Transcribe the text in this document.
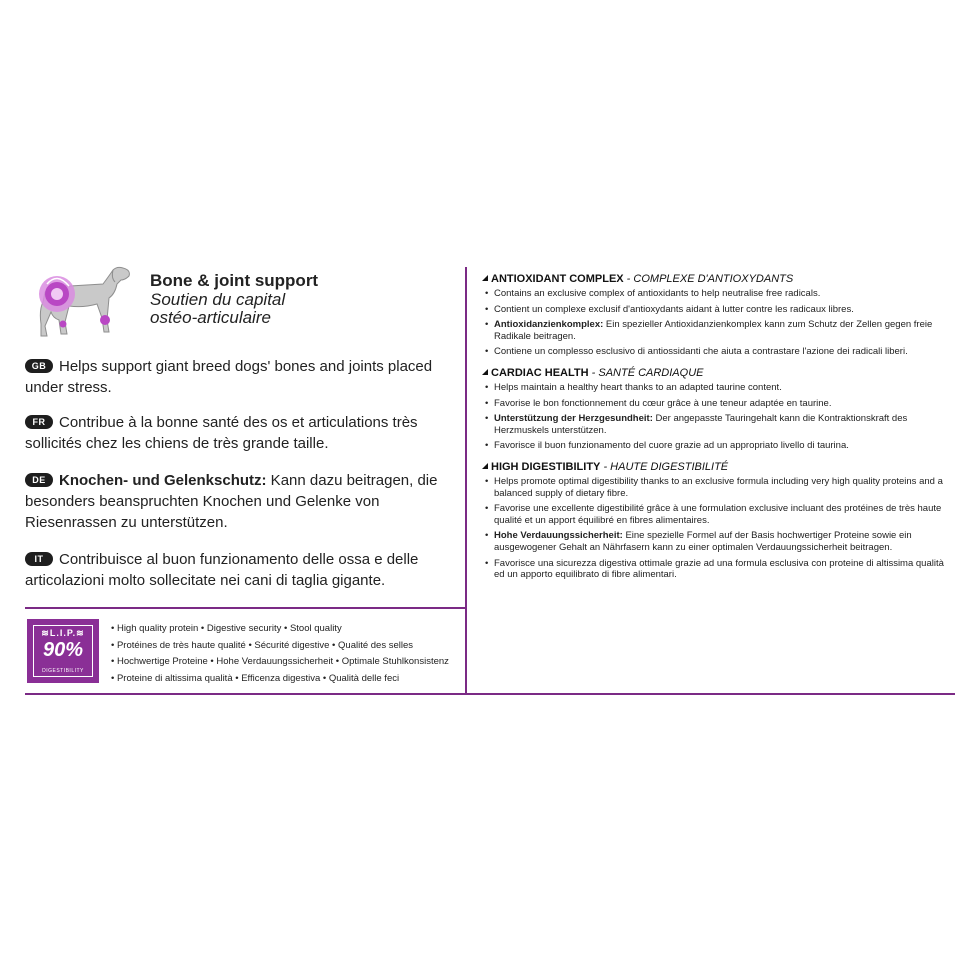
Bone & joint support
Soutien du capital
ostéo-articulaire
GB Helps support giant breed dogs' bones and joints placed under stress.
FR Contribue à la bonne santé des os et articulations très sollicités chez les chiens de très grande taille.
DE Knochen- und Gelenkschutz: Kann dazu beitragen, die besonders beanspruchten Knochen und Gelenke von Riesenrassen zu unterstützen.
IT Contribuisce al buon funzionamento delle ossa e delle articolazioni molto sollecitate nei cani di taglia gigante.
≋L.I.P.≋
90%
DIGESTIBILITY
• High quality protein • Digestive security • Stool quality
• Protéines de très haute qualité • Sécurité digestive • Qualité des selles
• Hochwertige Proteine • Hohe Verdauungssicherheit • Optimale Stuhlkonsistenz
• Proteine di altissima qualità • Efficenza digestiva • Qualità delle feci
ANTIOXIDANT COMPLEX - COMPLEXE D'ANTIOXYDANTS
• Contains an exclusive complex of antioxidants to help neutralise free radicals.
• Contient un complexe exclusif d'antioxydants aidant à lutter contre les radicaux libres.
• Antioxidanzienkomplex: Ein spezieller Antioxidanzienkomplex kann zum Schutz der Zellen gegen freie Radikale beitragen.
• Contiene un complesso esclusivo di antiossidanti che aiuta a contrastare l'azione dei radicali liberi.
CARDIAC HEALTH - SANTÉ CARDIAQUE
• Helps maintain a healthy heart thanks to an adapted taurine content.
• Favorise le bon fonctionnement du cœur grâce à une teneur adaptée en taurine.
• Unterstützung der Herzgesundheit: Der angepasste Tauringehalt kann die Kontraktionskraft des Herzmuskels unterstützen.
• Favorisce il buon funzionamento del cuore grazie ad un appropriato livello di taurina.
HIGH DIGESTIBILITY - HAUTE DIGESTIBILITÉ
• Helps promote optimal digestibility thanks to an exclusive formula including very high quality proteins and a balanced supply of dietary fibre.
• Favorise une excellente digestibilité grâce à une formulation exclusive incluant des protéines de très haute qualité et un apport équilibré en fibres alimentaires.
• Hohe Verdauungssicherheit: Eine spezielle Formel auf der Basis hochwertiger Proteine sowie ein ausgewogener Gehalt an Nährfasern kann zu einer optimalen Verdauungssicherheit beitragen.
• Favorisce una sicurezza digestiva ottimale grazie ad una formula esclusiva con proteine di altissima qualità ed un apporto equilibrato di fibre alimentari.
